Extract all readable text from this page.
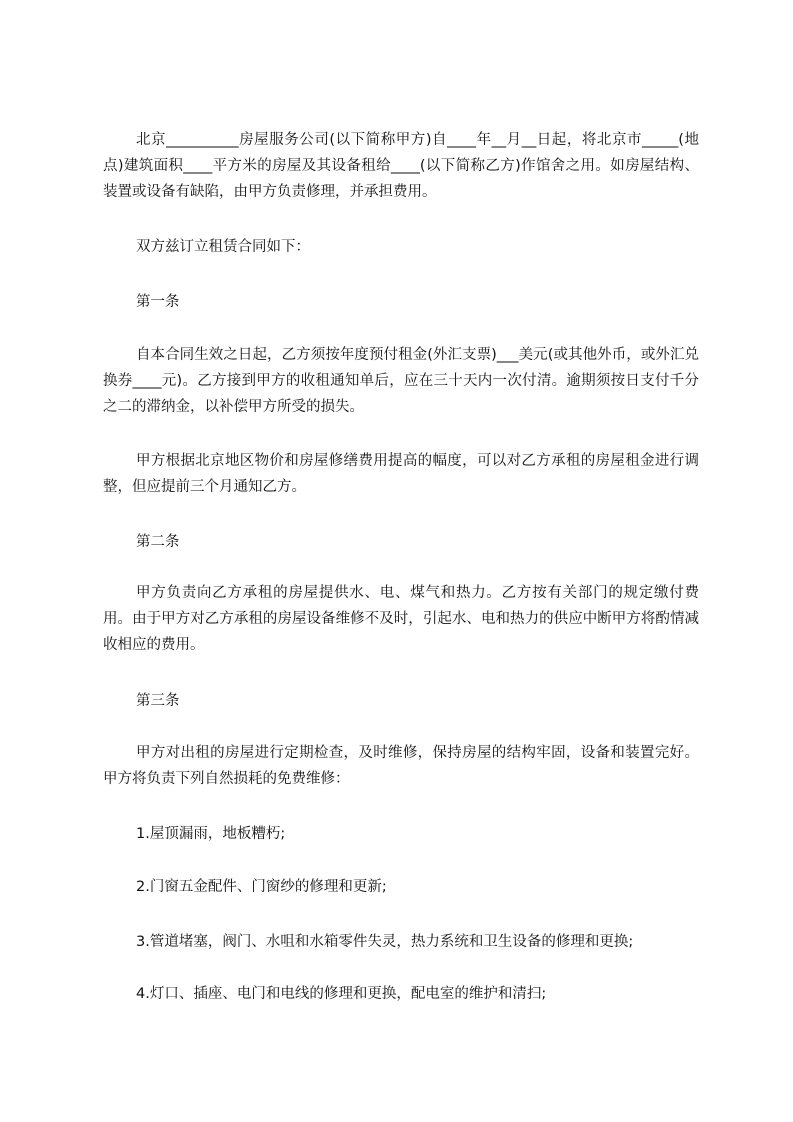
北京__________房屋服务公司(以下简称甲方)自____年__月__日起，将北京市_____(地点)建筑面积____平方米的房屋及其设备租给____(以下简称乙方)作馆舍之用。如房屋结构、装置或设备有缺陷，由甲方负责修理，并承担费用。

双方兹订立租赁合同如下：

第一条

自本合同生效之日起，乙方须按年度预付租金(外汇支票)___美元(或其他外币，或外汇兑换券____元)。乙方接到甲方的收租通知单后，应在三十天内一次付清。逾期须按日支付千分之二的滞纳金，以补偿甲方所受的损失。

甲方根据北京地区物价和房屋修缮费用提高的幅度，可以对乙方承租的房屋租金进行调整，但应提前三个月通知乙方。

第二条

甲方负责向乙方承租的房屋提供水、电、煤气和热力。乙方按有关部门的规定缴付费用。由于甲方对乙方承租的房屋设备维修不及时，引起水、电和热力的供应中断甲方将酌情减收相应的费用。

第三条

甲方对出租的房屋进行定期检查，及时维修，保持房屋的结构牢固，设备和装置完好。甲方将负责下列自然损耗的免费维修：

1.屋顶漏雨，地板糟朽;

2.门窗五金配件、门窗纱的修理和更新;

3.管道堵塞，阀门、水咀和水箱零件失灵，热力系统和卫生设备的修理和更换;

4.灯口、插座、电门和电线的修理和更换，配电室的维护和清扫;
